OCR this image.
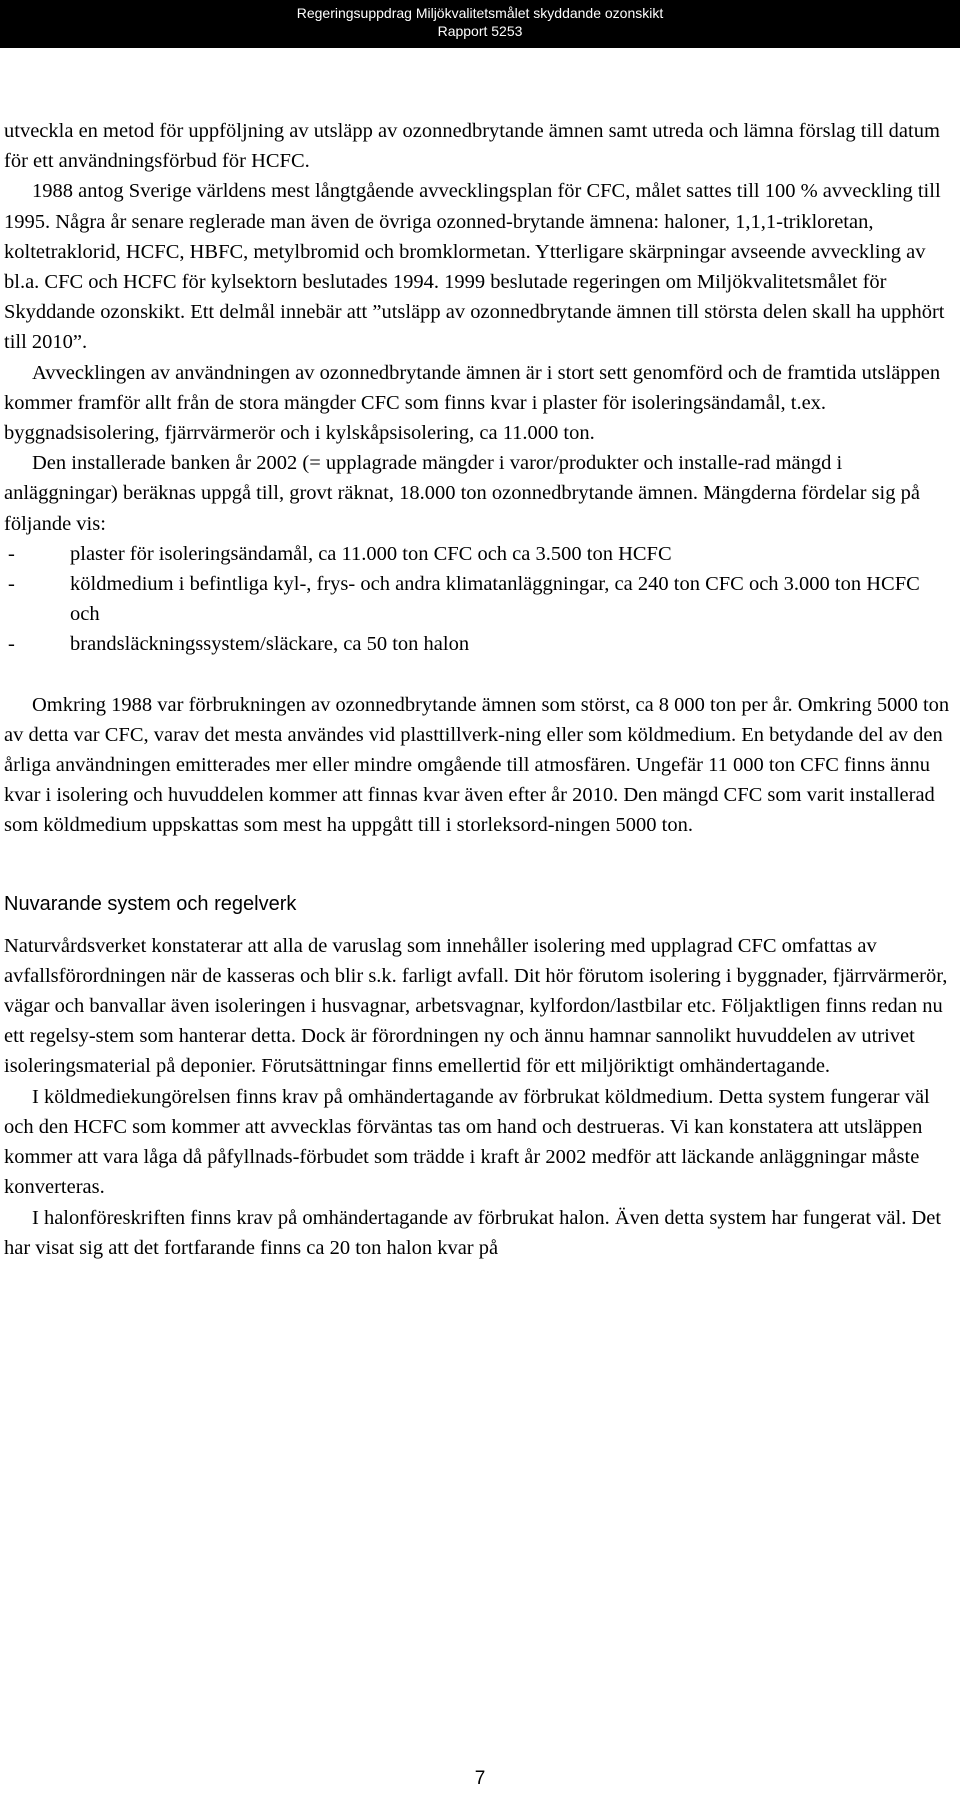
Regeringsuppdrag Miljökvalitetsmålet skyddande ozonskikt
Rapport 5253

utveckla en metod för uppföljning av utsläpp av ozonnedbrytande ämnen samt utreda och lämna förslag till datum för ett användningsförbud för HCFC.

1988 antog Sverige världens mest långtgående avvecklingsplan för CFC, målet sattes till 100 % avveckling till 1995. Några år senare reglerade man även de övriga ozonned-brytande ämnena: haloner, 1,1,1-trikloretan, koltetraklorid, HCFC, HBFC, metylbromid och bromklormetan. Ytterligare skärpningar avseende avveckling av bl.a. CFC och HCFC för kylsektorn beslutades 1994. 1999 beslutade regeringen om Miljökvalitetsmålet för Skyddande ozonskikt. Ett delmål innebär att ”utsläpp av ozonnedbrytande ämnen till största delen skall ha upphört till 2010”.

Avvecklingen av användningen av ozonnedbrytande ämnen är i stort sett genomförd och de framtida utsläppen kommer framför allt från de stora mängder CFC som finns kvar i plaster för isoleringsändamål, t.ex. byggnadsisolering, fjärrvärmerör och i kylskåpsisolering, ca 11.000 ton.

Den installerade banken år 2002 (= upplagrade mängder i varor/produkter och installe-rad mängd i anläggningar) beräknas uppgå till, grovt räknat, 18.000 ton ozonnedbrytande ämnen. Mängderna fördelar sig på följande vis:

-	plaster för isoleringsändamål, ca 11.000 ton CFC och ca 3.500 ton HCFC
-	köldmedium i befintliga kyl-, frys- och andra klimatanläggningar, ca 240 ton CFC och 3.000 ton HCFC och
-	brandsläckningssystem/släckare, ca 50 ton halon

Omkring 1988 var förbrukningen av ozonnedbrytande ämnen som störst, ca 8 000 ton per år. Omkring 5000 ton av detta var CFC, varav det mesta användes vid plasttillverk-ning eller som köldmedium. En betydande del av den årliga användningen emitterades mer eller mindre omgående till atmosfären. Ungefär 11 000 ton CFC finns ännu kvar i isolering och huvuddelen kommer att finnas kvar även efter år 2010. Den mängd CFC som varit installerad som köldmedium uppskattas som mest ha uppgått till i storleksord-ningen 5000 ton.

Nuvarande system och regelverk

Naturvårdsverket konstaterar att alla de varuslag som innehåller isolering med upplagrad CFC omfattas av avfallsförordningen när de kasseras och blir s.k. farligt avfall. Dit hör förutom isolering i byggnader, fjärrvärmerör, vägar och banvallar även isoleringen i husvagnar, arbetsvagnar, kylfordon/lastbilar etc. Följaktligen finns redan nu ett regelsy-stem som hanterar detta. Dock är förordningen ny och ännu hamnar sannolikt huvuddelen av utrivet isoleringsmaterial på deponier. Förutsättningar finns emellertid för ett miljöriktigt omhändertagande.

I köldmediekungörelsen finns krav på omhändertagande av förbrukat köldmedium. Detta system fungerar väl och den HCFC som kommer att avvecklas förväntas tas om hand och destrueras. Vi kan konstatera att utsläppen kommer att vara låga då påfyllnads-förbudet som trädde i kraft år 2002 medför att läckande anläggningar måste konverteras.

I halonföreskriften finns krav på omhändertagande av förbrukat halon. Även detta system har fungerat väl. Det har visat sig att det fortfarande finns ca 20 ton halon kvar på

7
